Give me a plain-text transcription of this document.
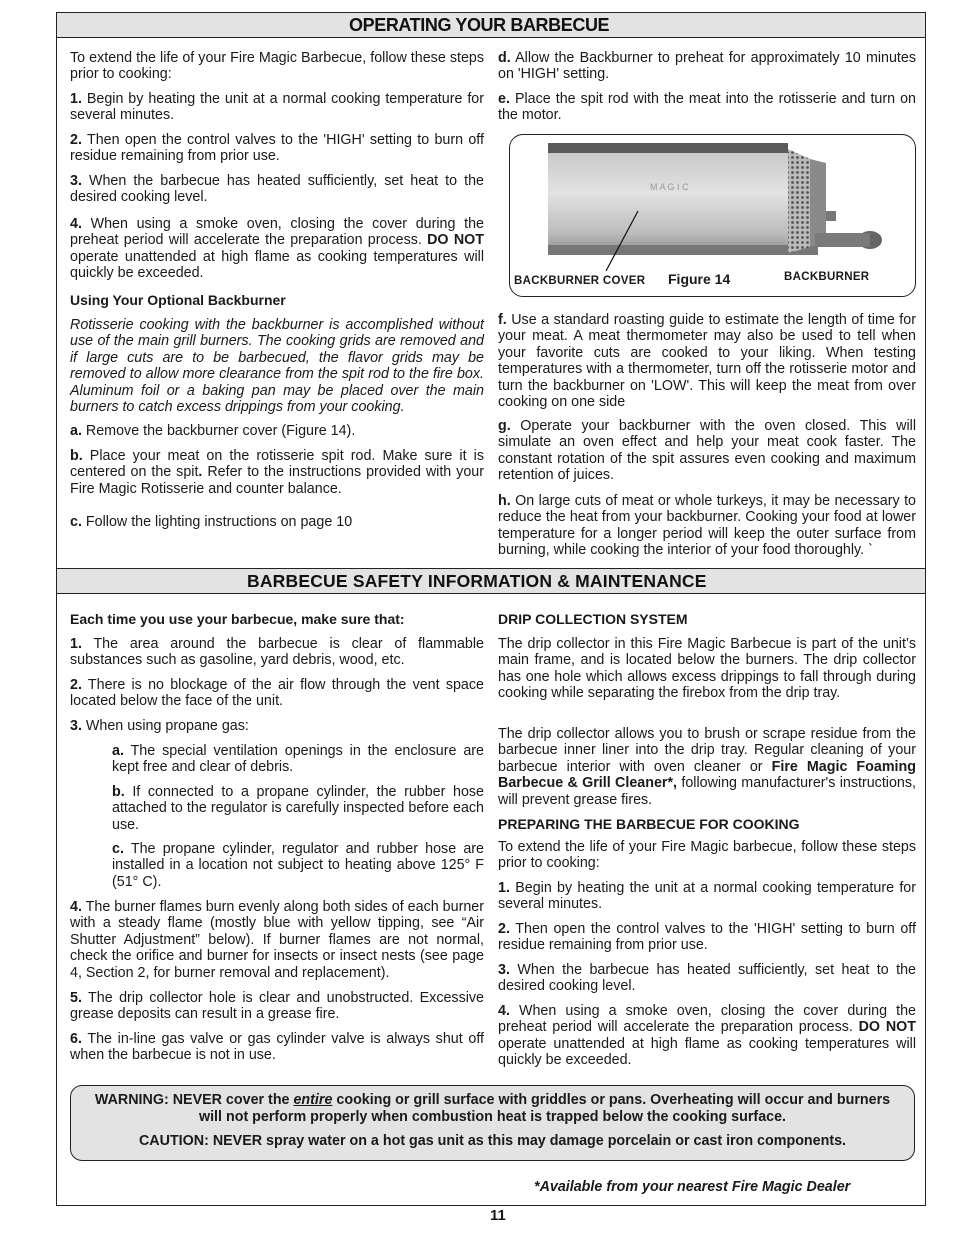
OPERATING YOUR BARBECUE

To extend the life of your Fire Magic Barbecue, follow these steps prior to cooking:

1. Begin by heating the unit at a normal cooking temperature for several minutes.

2. Then open the control valves to the 'HIGH' setting to burn off residue remaining from prior use.

3. When the barbecue has heated sufficiently, set heat to the desired cooking level.

4. When using a smoke oven, closing the cover during the preheat period will accelerate the preparation process. DO NOT operate unattended at high flame as cooking temperatures will quickly be exceeded.

Using Your Optional Backburner

Rotisserie cooking with the backburner is accomplished without use of the main grill burners. The cooking grids are removed and if large cuts are to be barbecued, the flavor grids may be removed to allow more clearance from the spit rod to the fire box. Aluminum foil or a baking pan may be placed over the main burners to catch excess drippings from your cooking.

a. Remove the backburner cover (Figure 14).

b. Place your meat on the rotisserie spit rod. Make sure it is centered on the spit. Refer to the instructions provided with your Fire Magic Rotisserie and counter balance.

c. Follow the lighting instructions on page 10

d. Allow the Backburner to preheat for approximately 10 minutes on 'HIGH' setting.

e. Place the spit rod with the meat into the rotisserie and turn on the motor.

f. Use a standard roasting guide to estimate the length of time for your meat. A meat thermometer may also be used to tell when your favorite cuts are cooked to your liking. When testing temperatures with a thermometer, turn off the rotisserie motor and turn the backburner on 'LOW'. This will keep the meat from over cooking on one side

g. Operate your backburner with the oven closed. This will simulate an oven effect and help your meat cook faster. The constant rotation of the spit assures even cooking and maximum retention of juices.

h. On large cuts of meat or whole turkeys, it may be necessary to reduce the heat from your backburner. Cooking your food at lower temperature for a longer period will keep the outer surface from burning, while cooking the interior of your food thoroughly. `

M A G I C
BACKBURNER COVER Figure 14	BACKBURNER
BARBECUE SAFETY INFORMATION & MAINTENANCE

Each time you use your barbecue, make sure that:

1. The area around the barbecue is clear of flammable substances such as gasoline, yard debris, wood, etc.

2. There is no blockage of the air flow through the vent space located below the face of the unit.

3. When using propane gas:

a. The special ventilation openings in the enclosure are kept free and clear of debris.

b. If connected to a propane cylinder, the rubber hose attached to the regulator is carefully inspected before each use.

c. The propane cylinder, regulator and rubber hose are installed in a location not subject to heating above 125° F (51° C).

4. The burner flames burn evenly along both sides of each burner with a steady flame (mostly blue with yellow tipping, see “Air Shutter Adjustment” below). If burner flames are not normal, check the orifice and burner for insects or insect nests (see page 4, Section 2, for burner removal and replacement).

5. The drip collector hole is clear and unobstructed. Excessive grease deposits can result in a grease fire.

6. The in-line gas valve or gas cylinder valve is always shut off when the barbecue is not in use.

DRIP COLLECTION SYSTEM

The drip collector in this Fire Magic Barbecue is part of the unit’s main frame, and is located below the burners. The drip collector has one hole which allows excess drippings to fall through during cooking while separating the firebox from the drip tray.

The drip collector allows you to brush or scrape residue from the barbecue inner liner into the drip tray. Regular cleaning of your barbecue interior with oven cleaner or Fire Magic Foaming Barbecue & Grill Cleaner*, following manufacturer's instructions, will prevent grease fires.

PREPARING THE BARBECUE FOR COOKING

To extend the life of your Fire Magic barbecue, follow these steps prior to cooking:

1. Begin by heating the unit at a normal cooking temperature for several minutes.

2. Then open the control valves to the 'HIGH' setting to burn off residue remaining from prior use.

3. When the barbecue has heated sufficiently, set heat to the desired cooking level.

4. When using a smoke oven, closing the cover during the preheat period will accelerate the preparation process. DO NOT operate unattended at high flame as cooking temperatures will quickly be exceeded.

WARNING: NEVER cover the entire cooking or grill surface with griddles or pans. Overheating will occur and burners will not perform properly when combustion heat is trapped below the cooking surface.

CAUTION: NEVER spray water on a hot gas unit as this may damage porcelain or cast iron components.

*Available from your nearest Fire Magic Dealer
11
